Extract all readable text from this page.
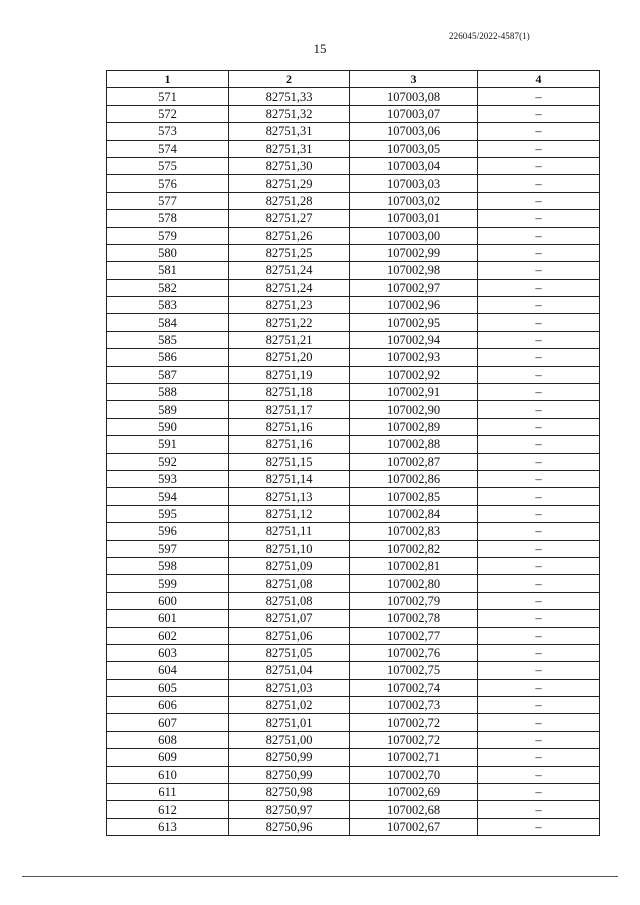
226045/2022-4587(1)
15
1	2	3	4
571	82751,33	107003,08	–
572	82751,32	107003,07	–
573	82751,31	107003,06	–
574	82751,31	107003,05	–
575	82751,30	107003,04	–
576	82751,29	107003,03	–
577	82751,28	107003,02	–
578	82751,27	107003,01	–
579	82751,26	107003,00	–
580	82751,25	107002,99	–
581	82751,24	107002,98	–
582	82751,24	107002,97	–
583	82751,23	107002,96	–
584	82751,22	107002,95	–
585	82751,21	107002,94	–
586	82751,20	107002,93	–
587	82751,19	107002,92	–
588	82751,18	107002,91	–
589	82751,17	107002,90	–
590	82751,16	107002,89	–
591	82751,16	107002,88	–
592	82751,15	107002,87	–
593	82751,14	107002,86	–
594	82751,13	107002,85	–
595	82751,12	107002,84	–
596	82751,11	107002,83	–
597	82751,10	107002,82	–
598	82751,09	107002,81	–
599	82751,08	107002,80	–
600	82751,08	107002,79	–
601	82751,07	107002,78	–
602	82751,06	107002,77	–
603	82751,05	107002,76	–
604	82751,04	107002,75	–
605	82751,03	107002,74	–
606	82751,02	107002,73	–
607	82751,01	107002,72	–
608	82751,00	107002,72	–
609	82750,99	107002,71	–
610	82750,99	107002,70	–
611	82750,98	107002,69	–
612	82750,97	107002,68	–
613	82750,96	107002,67	–
